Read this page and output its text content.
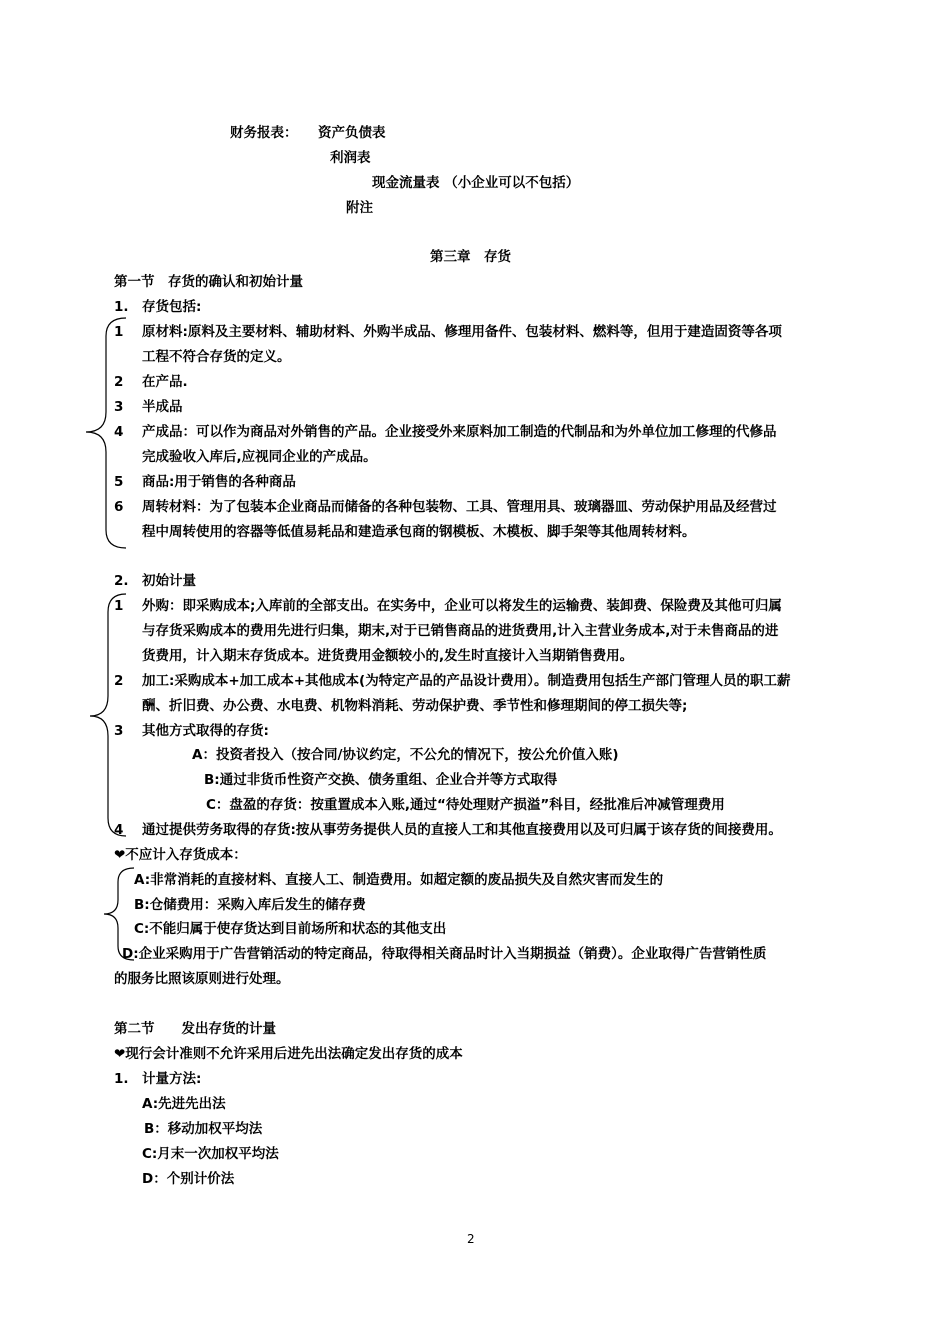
财务报表： 资产负债表
利润表
现金流量表 （小企业可以不包括）
附注
第三章　存货
第一节　存货的确认和初始计量
1. 存货包括:
1 原材料:原料及主要材料、辅助材料、外购半成品、修理用备件、包装材料、燃料等，但用于建造固资等各项
工程不符合存货的定义。
2 在产品.
3 半成品
4 产成品：可以作为商品对外销售的产品。企业接受外来原料加工制造的代制品和为外单位加工修理的代修品
完成验收入库后,应视同企业的产成品。
5 商品:用于销售的各种商品
6 周转材料：为了包装本企业商品而储备的各种包装物、工具、管理用具、玻璃器皿、劳动保护用品及经营过
程中周转使用的容器等低值易耗品和建造承包商的钢模板、木模板、脚手架等其他周转材料。
2. 初始计量
1 外购：即采购成本;入库前的全部支出。在实务中，企业可以将发生的运输费、装卸费、保险费及其他可归属
与存货采购成本的费用先进行归集，期末,对于已销售商品的进货费用,计入主营业务成本,对于未售商品的进
货费用，计入期末存货成本。进货费用金额较小的,发生时直接计入当期销售费用。
2 加工:采购成本+加工成本+其他成本(为特定产品的产品设计费用）。制造费用包括生产部门管理人员的职工薪
酬、折旧费、办公费、水电费、机物料消耗、劳动保护费、季节性和修理期间的停工损失等;
3 其他方式取得的存货:
A：投资者投入（按合同/协议约定，不公允的情况下，按公允价值入账)
B:通过非货币性资产交换、债务重组、企业合并等方式取得
C：盘盈的存货：按重置成本入账,通过“待处理财产损溢”科目，经批准后冲减管理费用
4 通过提供劳务取得的存货:按从事劳务提供人员的直接人工和其他直接费用以及可归属于该存货的间接费用。
❤不应计入存货成本：
A:非常消耗的直接材料、直接人工、制造费用。如超定额的废品损失及自然灾害而发生的
B:仓储费用：采购入库后发生的储存费
C:不能归属于使存货达到目前场所和状态的其他支出
D:企业采购用于广告营销活动的特定商品，待取得相关商品时计入当期损益（销费）。企业取得广告营销性质
的服务比照该原则进行处理。
第二节　　发出存货的计量
❤现行会计准则不允许采用后进先出法确定发出存货的成本
1. 计量方法:
A:先进先出法
B：移动加权平均法
C:月末一次加权平均法
D：个别计价法
2
